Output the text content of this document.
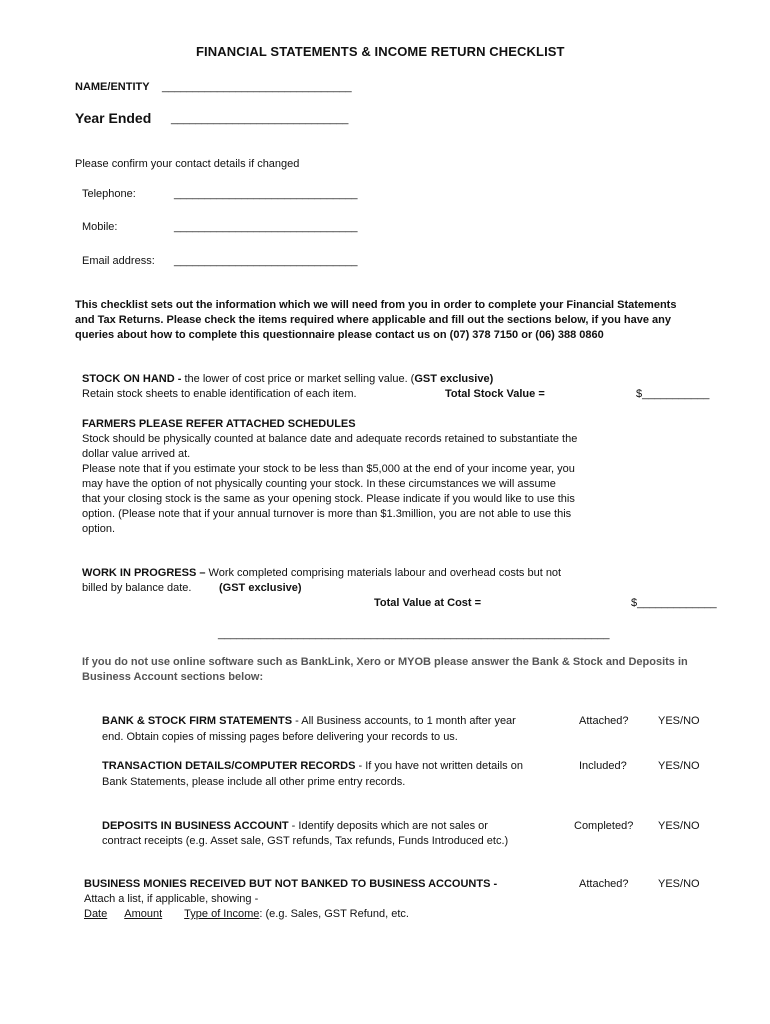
FINANCIAL STATEMENTS & INCOME RETURN CHECKLIST
NAME/ENTITY _______________________________
Year Ended _____________________________
Please confirm your contact details if changed
Telephone:	______________________________
Mobile:	______________________________
Email address: ______________________________
This checklist sets out the information which we will need from you in order to complete your Financial Statements
and Tax Returns. Please check the items required where applicable and fill out the sections below, if you have any
queries about how to complete this questionnaire please contact us on (07) 378 7150 or (06) 388 0860
STOCK ON HAND - the lower of cost price or market selling value. (GST exclusive)
Retain stock sheets to enable identification of each item.	Total Stock Value =	$___________
FARMERS PLEASE REFER ATTACHED SCHEDULES
Stock should be physically counted at balance date and adequate records retained to substantiate the
dollar value arrived at.
Please note that if you estimate your stock to be less than $5,000 at the end of your income year, you
may have the option of not physically counting your stock. In these circumstances we will assume
that your closing stock is the same as your opening stock. Please indicate if you would like to use this
option. (Please note that if your annual turnover is more than $1.3million, you are not able to use this
option.
WORK IN PROGRESS – Work completed comprising materials labour and overhead costs but not
billed by balance date.	(GST exclusive)
Total Value at Cost =	$_____________
________________________________________________________________
If you do not use online software such as BankLink, Xero or MYOB please answer the Bank & Stock and Deposits in
Business Account sections below:
BANK & STOCK FIRM STATEMENTS - All Business accounts, to 1 month after year
end. Obtain copies of missing pages before delivering your records to us.
Attached?	YES/NO
TRANSACTION DETAILS/COMPUTER RECORDS - If you have not written details on
Bank Statements, please include all other prime entry records.
Included?	YES/NO
DEPOSITS IN BUSINESS ACCOUNT - Identify deposits which are not sales or
contract receipts (e.g. Asset sale, GST refunds, Tax refunds, Funds Introduced etc.)
Completed? YES/NO
BUSINESS MONIES RECEIVED BUT NOT BANKED TO BUSINESS ACCOUNTS -
Attach a list, if applicable, showing -
Date Amount Type of Income: (e.g. Sales, GST Refund, etc.
Attached?	YES/NO
